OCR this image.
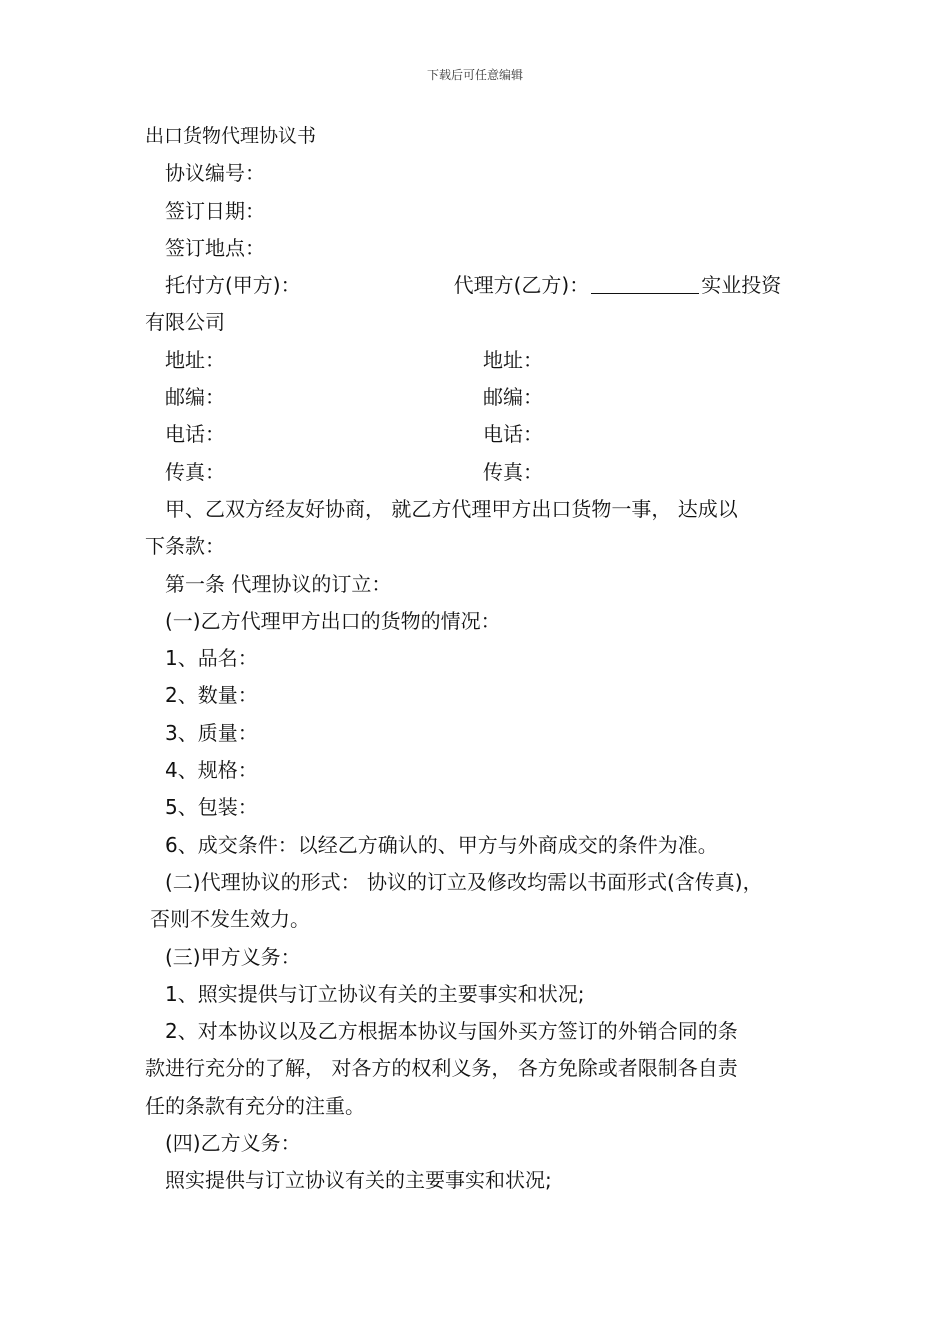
下载后可任意编辑
出口货物代理协议书
协议编号：
签订日期：
签订地点：
托付方(甲方)：	代理方(乙方)：	实业投资
有限公司
地址：	地址：
邮编：	邮编：
电话：	电话：
传真：	传真：
甲、乙双方经友好协商， 就乙方代理甲方出口货物一事， 达成以
下条款：
第一条 代理协议的订立：
(一)乙方代理甲方出口的货物的情况：
1、品名：
2、数量：
3、质量：
4、规格：
5、包装：
6、成交条件：以经乙方确认的、甲方与外商成交的条件为准。
(二)代理协议的形式： 协议的订立及修改均需以书面形式(含传真)，
否则不发生效力。
(三)甲方义务：
1、照实提供与订立协议有关的主要事实和状况;
2、对本协议以及乙方根据本协议与国外买方签订的外销合同的条
款进行充分的了解， 对各方的权利义务， 各方免除或者限制各自责
任的条款有充分的注重。
(四)乙方义务：
照实提供与订立协议有关的主要事实和状况;
